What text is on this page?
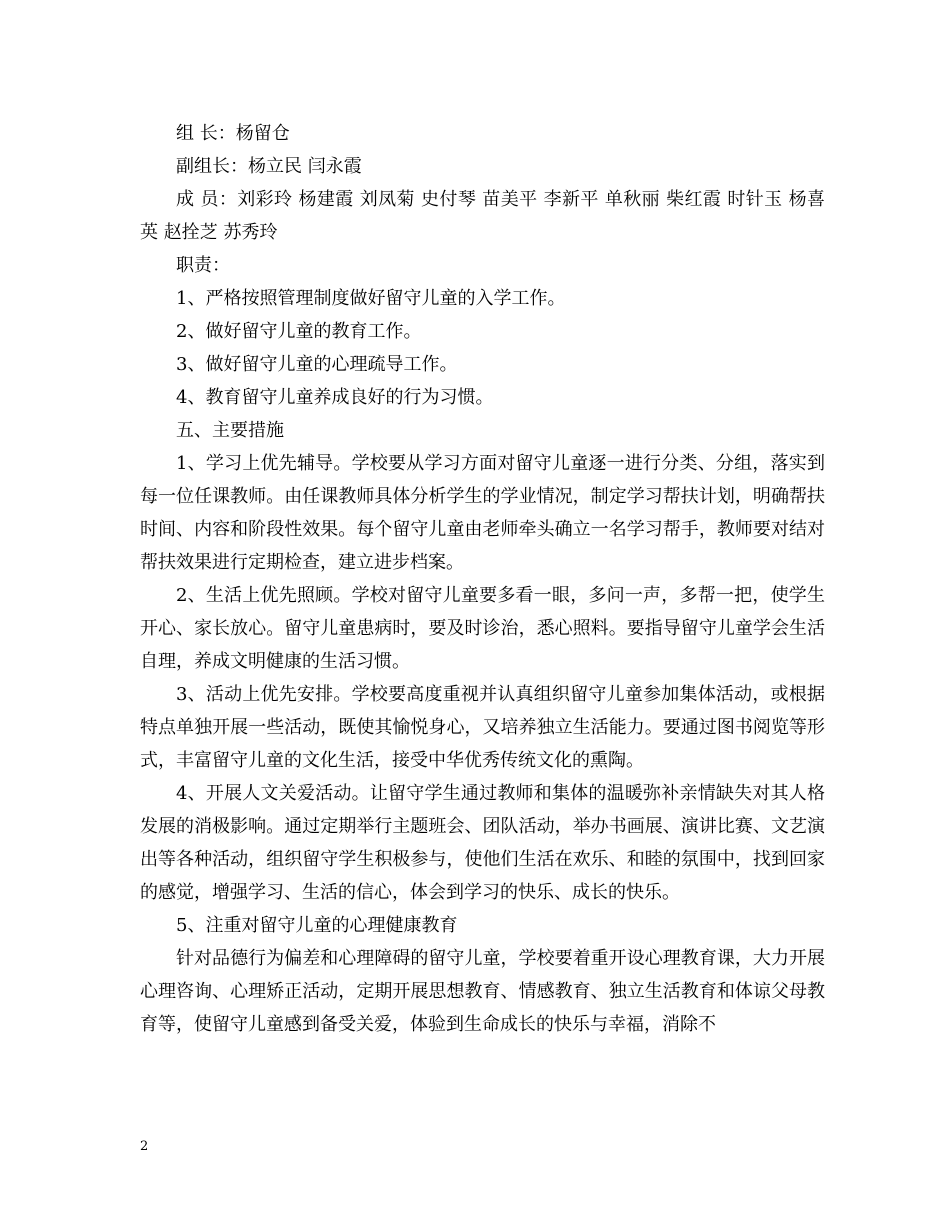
组 长：杨留仓
副组长：杨立民 闫永霞

成 员：刘彩玲 杨建霞 刘凤菊 史付琴 苗美平 李新平 单秋丽 柴红霞 时针玉 杨喜英 赵拴芝 苏秀玲

职责：
1、严格按照管理制度做好留守儿童的入学工作。
2、做好留守儿童的教育工作。
3、做好留守儿童的心理疏导工作。
4、教育留守儿童养成良好的行为习惯。
五、主要措施

1、学习上优先辅导。学校要从学习方面对留守儿童逐一进行分类、分组，落实到每一位任课教师。由任课教师具体分析学生的学业情况，制定学习帮扶计划，明确帮扶时间、内容和阶段性效果。每个留守儿童由老师牵头确立一名学习帮手，教师要对结对帮扶效果进行定期检查，建立进步档案。

2、生活上优先照顾。学校对留守儿童要多看一眼，多问一声，多帮一把，使学生开心、家长放心。留守儿童患病时，要及时诊治，悉心照料。要指导留守儿童学会生活自理，养成文明健康的生活习惯。

3、活动上优先安排。学校要高度重视并认真组织留守儿童参加集体活动，或根据特点单独开展一些活动，既使其愉悦身心，又培养独立生活能力。要通过图书阅览等形式，丰富留守儿童的文化生活，接受中华优秀传统文化的熏陶。

4、开展人文关爱活动。让留守学生通过教师和集体的温暖弥补亲情缺失对其人格发展的消极影响。通过定期举行主题班会、团队活动，举办书画展、演讲比赛、文艺演出等各种活动，组织留守学生积极参与，使他们生活在欢乐、和睦的氛围中，找到回家的感觉，增强学习、生活的信心，体会到学习的快乐、成长的快乐。

5、注重对留守儿童的心理健康教育

针对品德行为偏差和心理障碍的留守儿童，学校要着重开设心理教育课，大力开展心理咨询、心理矫正活动，定期开展思想教育、情感教育、独立生活教育和体谅父母教育等，使留守儿童感到备受关爱，体验到生命成长的快乐与幸福，消除不

2
